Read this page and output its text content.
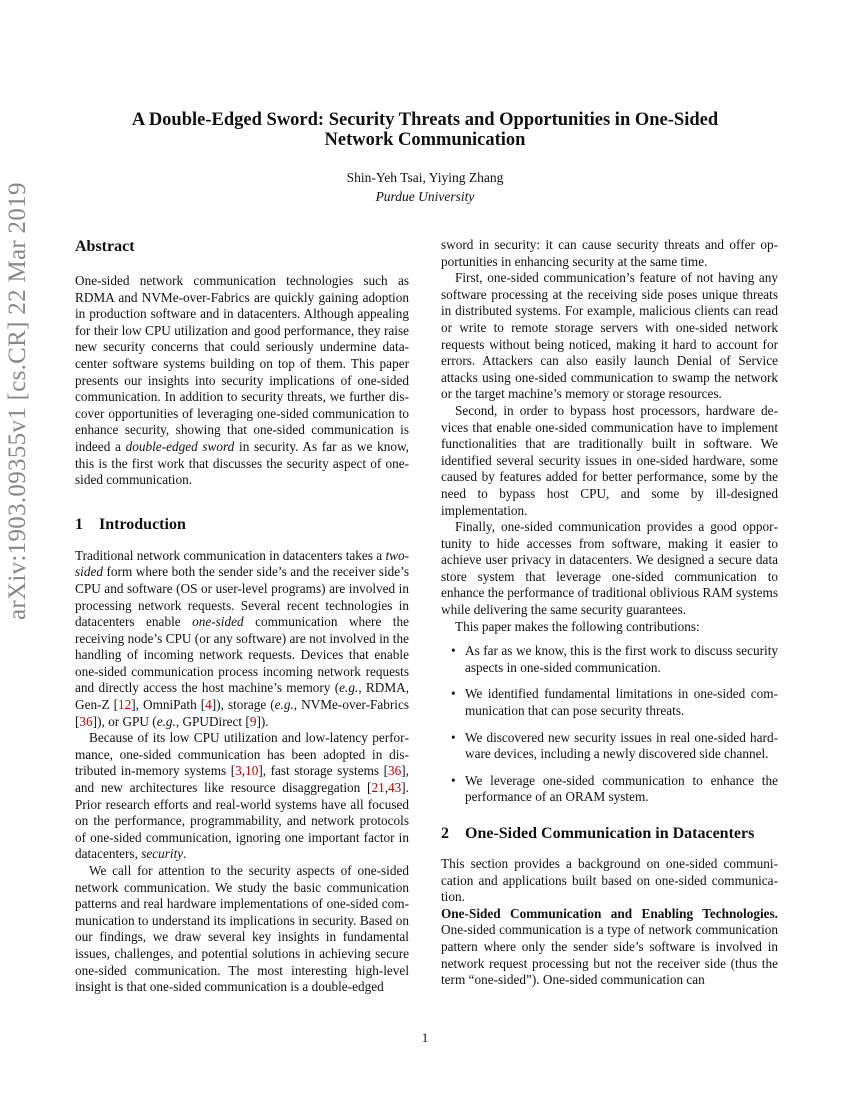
A Double-Edged Sword: Security Threats and Opportunities in One-Sided
Network Communication
Shin-Yeh Tsai, Yiying Zhang
Purdue University
arXiv:1903.09355v1 [cs.CR] 22 Mar 2019	Abstract

One-sided network communication technologies such as RDMA and NVMe-over-Fabrics are quickly gaining adoption in production software and in datacenters. Although appealing for their low CPU utilization and good performance, they raise new security concerns that could seriously undermine datacenter software systems building on top of them. This paper presents our insights into security implications of one-sided communication. In addition to security threats, we further discover opportunities of leveraging one-sided communication to enhance security, showing that one-sided communication is indeed a double-edged sword in security. As far as we know, this is the first work that discusses the security aspect of one-sided communication.

1 Introduction

Traditional network communication in datacenters takes a two-sided form where both the sender side’s and the receiver side’s CPU and software (OS or user-level programs) are involved in processing network requests. Several recent technologies in datacenters enable one-sided communication where the receiving node’s CPU (or any software) are not involved in the handling of incoming network requests. Devices that enable one-sided communication process incoming network requests and directly access the host machine’s memory (e.g., RDMA, Gen-Z [12], OmniPath [4]), storage (e.g., NVMe-over-Fabrics [36]), or GPU (e.g., GPUDirect [9]).

Because of its low CPU utilization and low-latency performance, one-sided communication has been adopted in distributed in-memory systems [3,10], fast storage systems [36], and new architectures like resource disaggregation [21,43]. Prior research efforts and real-world systems have all focused on the performance, programmability, and network protocols of one-sided communication, ignoring one important factor in datacenters, security.

We call for attention to the security aspects of one-sided network communication. We study the basic communication patterns and real hardware implementations of one-sided communication to understand its implications in security. Based on our findings, we draw several key insights in fundamental issues, challenges, and potential solutions in achieving secure one-sided communication. The most interesting high-level insight is that one-sided communication is a double-edged

sword in security: it can cause security threats and offer opportunities in enhancing security at the same time.

First, one-sided communication’s feature of not having any software processing at the receiving side poses unique threats in distributed systems. For example, malicious clients can read or write to remote storage servers with one-sided network requests without being noticed, making it hard to account for errors. Attackers can also easily launch Denial of Service attacks using one-sided communication to swamp the network or the target machine’s memory or storage resources.

Second, in order to bypass host processors, hardware devices that enable one-sided communication have to implement functionalities that are traditionally built in software. We identified several security issues in one-sided hardware, some caused by features added for better performance, some by the need to bypass host CPU, and some by ill-designed implementation.

Finally, one-sided communication provides a good opportunity to hide accesses from software, making it easier to achieve user privacy in datacenters. We designed a secure data store system that leverage one-sided communication to enhance the performance of traditional oblivious RAM systems while delivering the same security guarantees.

This paper makes the following contributions:

• As far as we know, this is the first work to discuss security aspects in one-sided communication.
• We identified fundamental limitations in one-sided communication that can pose security threats.
• We discovered new security issues in real one-sided hardware devices, including a newly discovered side channel.
• We leverage one-sided communication to enhance the performance of an ORAM system.
2 One-Sided Communication in Datacenters

This section provides a background on one-sided communication and applications built based on one-sided communication.

One-Sided Communication and Enabling Technologies. One-sided communication is a type of network communication pattern where only the sender side’s software is involved in network request processing but not the receiver side (thus the term “one-sided”). One-sided communication can

1
